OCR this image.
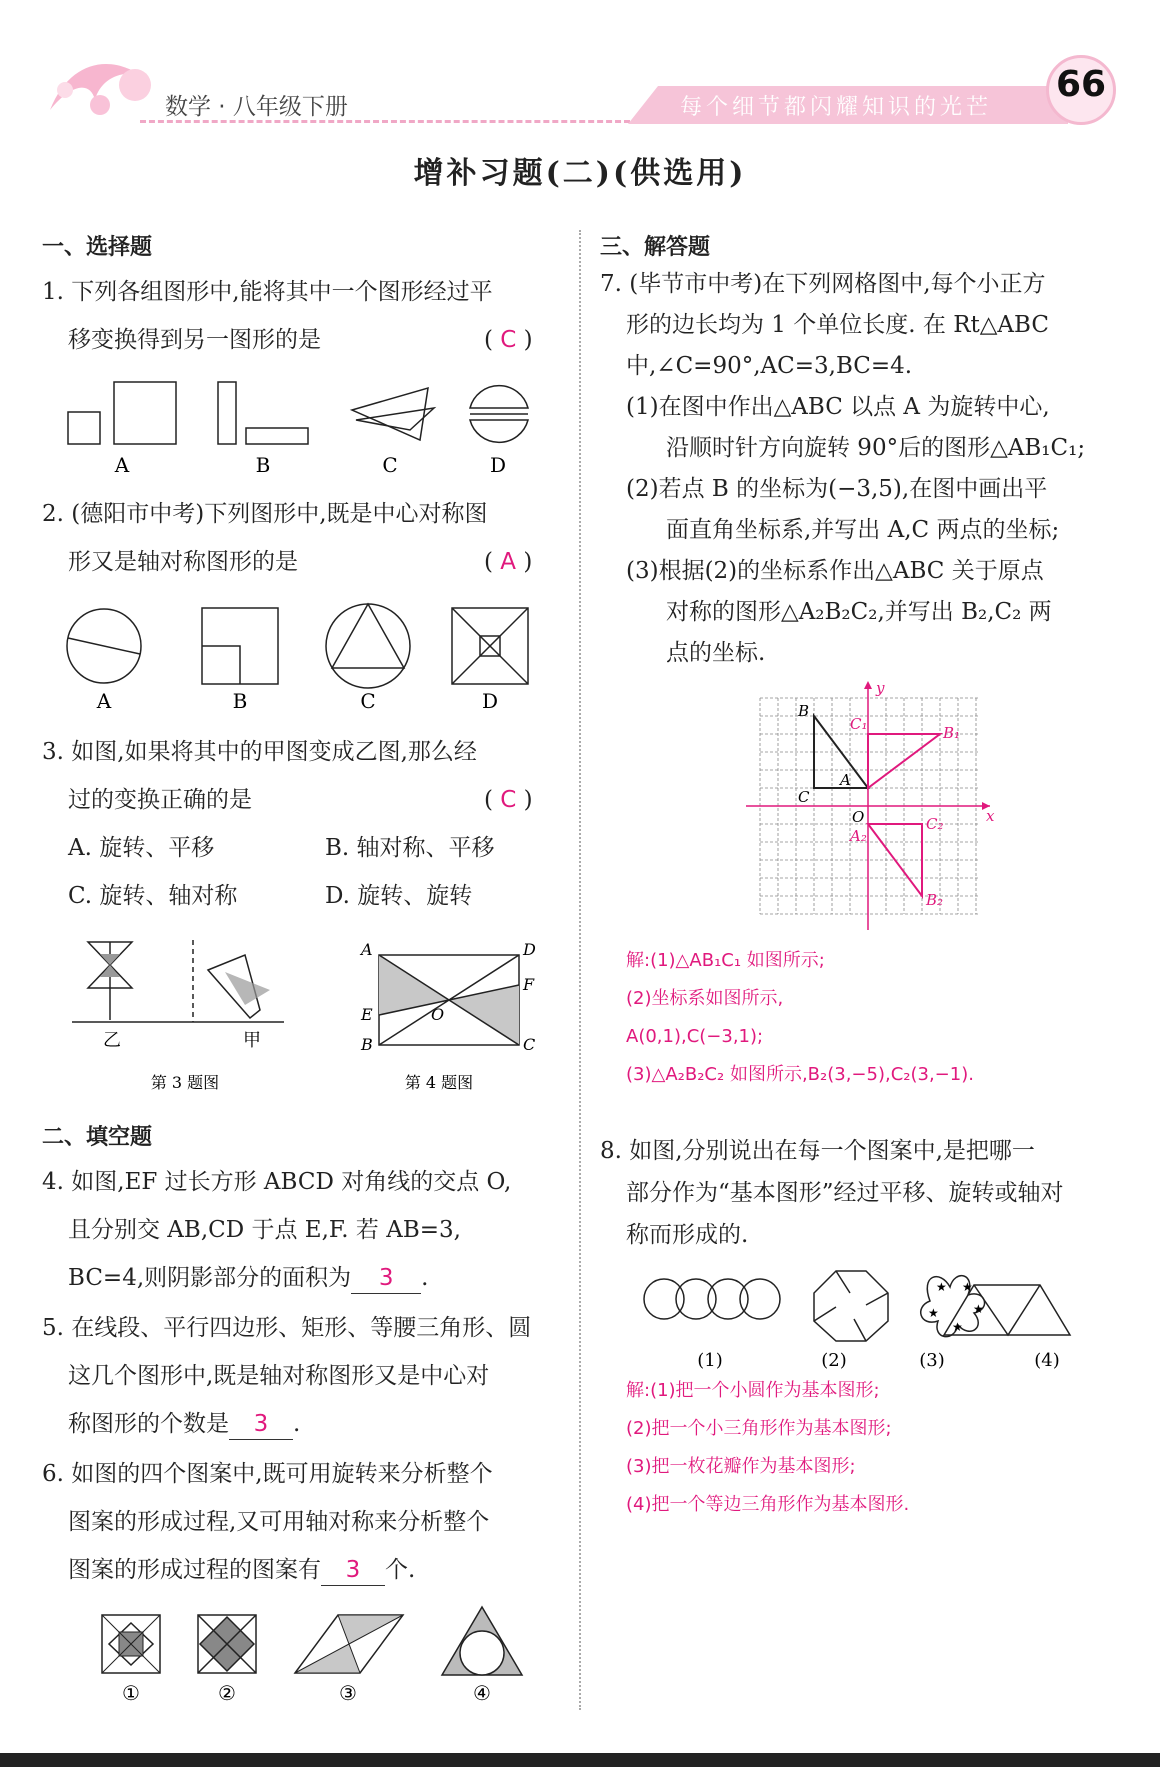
数学 · 八年级下册	每个细节都闪耀知识的光芒
66
增补习题(二)(供选用)
一、选择题
1. 下列各组图形中,能将其中一个图形经过平
移变换得到另一图形的是	( C )
A	B	C	D
2. (德阳市中考)下列图形中,既是中心对称图
形又是轴对称图形的是	( A )
A	B	C	D
3. 如图,如果将其中的甲图变成乙图,那么经
过的变换正确的是	( C )
A. 旋转、平移	B. 轴对称、平移
C. 旋转、轴对称	D. 旋转、旋转
乙	甲
第 3 题图
A	D
F
E	O
B	C
第 4 题图
二、填空题
4. 如图,EF 过长方形 ABCD 对角线的交点 O,
且分别交 AB,CD 于点 E,F. 若 AB=3,
BC=4,则阴影部分的面积为 3 .
5. 在线段、平行四边形、矩形、等腰三角形、圆
这几个图形中,既是轴对称图形又是中心对
称图形的个数是 3 .
6. 如图的四个图案中,既可用旋转来分析整个
图案的形成过程,又可用轴对称来分析整个
图案的形成过程的图案有 3 个.
①	②	③	④
三、解答题
7. (毕节市中考)在下列网格图中,每个小正方
形的边长均为 1 个单位长度. 在 Rt△ABC
中,∠C=90°,AC=3,BC=4.
(1)在图中作出△ABC 以点 A 为旋转中心,
沿顺时针方向旋转 90°后的图形△AB₁C₁;
(2)若点 B 的坐标为(−3,5),在图中画出平
面直角坐标系,并写出 A,C 两点的坐标;
(3)根据(2)的坐标系作出△ABC 关于原点
对称的图形△A₂B₂C₂,并写出 B₂,C₂ 两
点的坐标.
y
x
O
B
C₁	B₁
A
C
A₂
C₂
B₂
解:(1)△AB₁C₁ 如图所示;
(2)坐标系如图所示,
A(0,1),C(−3,1);
(3)△A₂B₂C₂ 如图所示,B₂(3,−5),C₂(3,−1).
8. 如图,分别说出在每一个图案中,是把哪一
部分作为“基本图形”经过平移、旋转或轴对
称而形成的.
★ ★
★
★
★
(1)	(2)	(3)	(4)
解:(1)把一个小圆作为基本图形;
(2)把一个小三角形作为基本图形;
(3)把一枚花瓣作为基本图形;
(4)把一个等边三角形作为基本图形.
